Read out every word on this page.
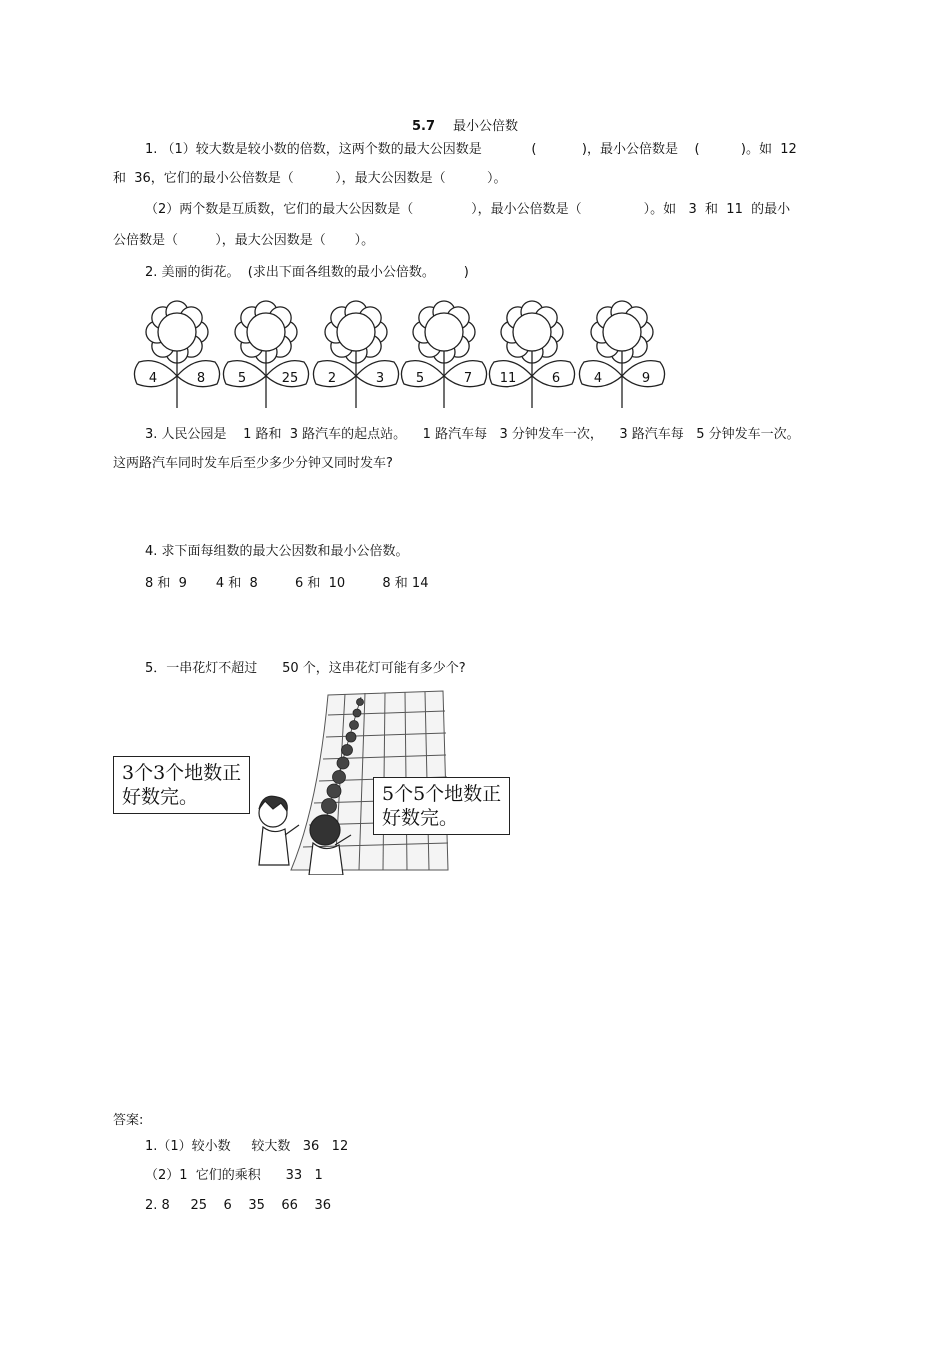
5.7 最小公倍数
1. （1）较大数是较小数的倍数，这两个数的最大公因数是            (           )，最小公倍数是    (          )。如  12
和  36，它们的最小公倍数是（          ），最大公因数是（          ）。
（2）两个数是互质数，它们的最大公因数是（              ），最小公倍数是（               ）。如   3  和  11  的最小
公倍数是（         ），最大公因数是（       ）。
2. 美丽的街花。  (求出下面各组数的最小公倍数。       )
4	8	5	25 2	3 5	7 11	6	4	9
3. 人民公园是    1 路和  3 路汽车的起点站。    1 路汽车每   3 分钟发车一次，    3 路汽车每   5 分钟发车一次。
这两路汽车同时发车后至少多少分钟又同时发车?
4. 求下面每组数的最大公因数和最小公倍数。
8 和  9       4 和  8         6 和  10         8 和 14
5．一串花灯不超过      50 个，这串花灯可能有多少个?
3个3个地数正
好数完。	5个5个地数正
好数完。
答案:
1.（1）较小数     较大数   36   12
（2）1  它们的乘积      33   1
2. 8     25    6    35    66    36
